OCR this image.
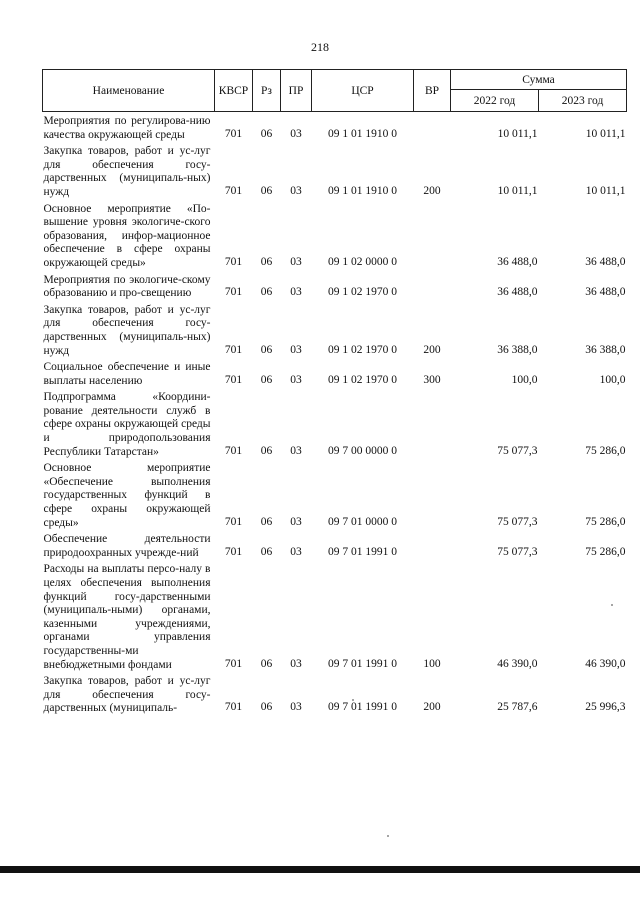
218
Наименование	КВСР	Рз	ПР	ЦСР	ВР	Сумма	
						2022 год	2023 год

Мероприятия по регулирова-нию качества окружающей среды	701	06	03	09 1 01 1910 0		10 011,1	10 011,1

Закупка товаров, работ и ус-луг для обеспечения госу-дарственных (муниципаль-ных) нужд	701	06	03	09 1 01 1910 0	200	10 011,1	10 011,1

Основное мероприятие «По-вышение уровня экологиче-ского образования, инфор-мационное обеспечение в сфере охраны окружающей среды»	701	06	03	09 1 02 0000 0		36 488,0	36 488,0

Мероприятия по экологиче-скому образованию и про-свещению	701	06	03	09 1 02 1970 0		36 488,0	36 488,0

Закупка товаров, работ и ус-луг для обеспечения госу-дарственных (муниципаль-ных) нужд	701	06	03	09 1 02 1970 0	200	36 388,0	36 388,0

Социальное обеспечение и иные выплаты населению	701	06	03	09 1 02 1970 0	300	100,0	100,0

Подпрограмма «Координи-рование деятельности служб в сфере охраны окружающей среды и природопользования Республики Татарстан»	701	06	03	09 7 00 0000 0		75 077,3	75 286,0

Основное мероприятие «Обеспечение выполнения государственных функций в сфере охраны окружающей среды»	701	06	03	09 7 01 0000 0		75 077,3	75 286,0

Обеспечение деятельности природоохранных учрежде-ний	701	06	03	09 7 01 1991 0		75 077,3	75 286,0

Расходы на выплаты персо-налу в целях обеспечения выполнения функций госу-дарственными (муниципаль-ными) органами, казенными учреждениями, органами управления государственны-ми внебюджетными фондами	701	06	03	09 7 01 1991 0	100	46 390,0	46 390,0

Закупка товаров, работ и ус-луг для обеспечения госу-дарственных (муниципаль-	701	06	03	09 7 01 1991 0	200	25 787,6	25 996,3
